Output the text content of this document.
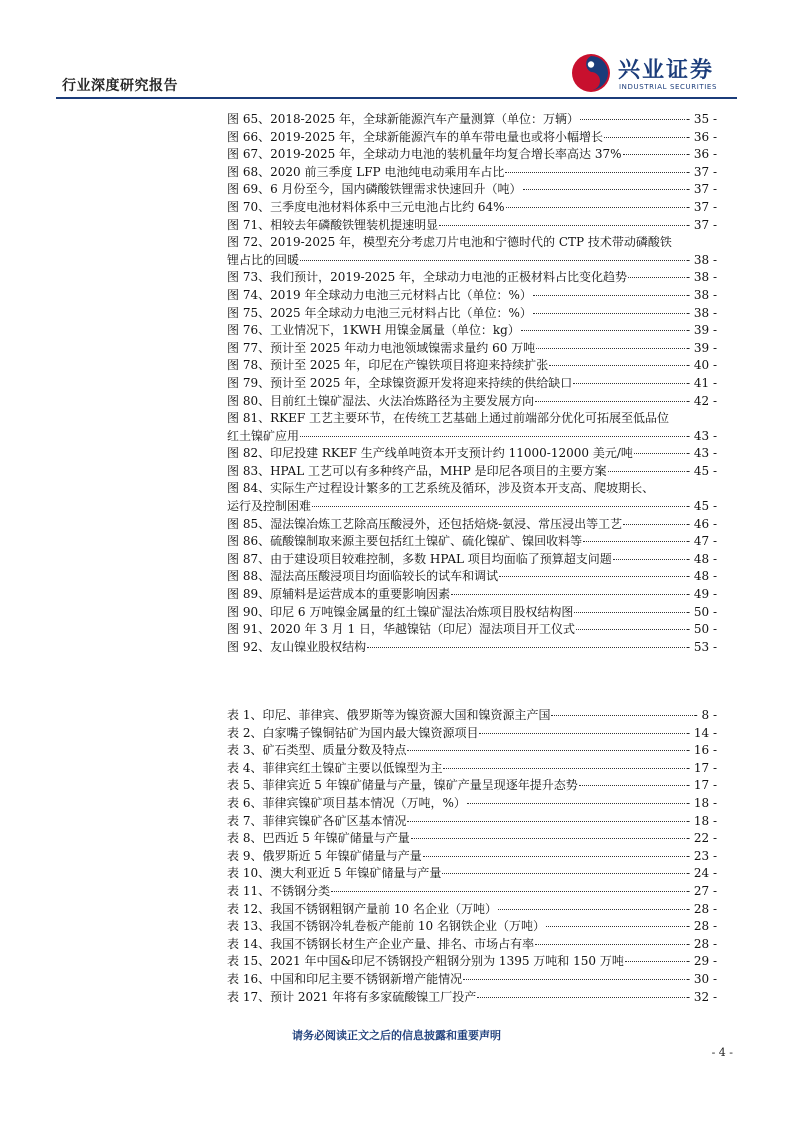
行业深度研究报告
兴业证券
INDUSTRIAL SECURITIES
图 65、2018-2025 年，全球新能源汽车产量测算（单位：万辆）	- 35 -
图 66、2019-2025 年，全球新能源汽车的单车带电量也或将小幅增长	- 36 -
图 67、2019-2025 年，全球动力电池的装机量年均复合增长率高达 37%	- 36 -
图 68、2020 前三季度 LFP 电池纯电动乘用车占比	- 37 -
图 69、6 月份至今，国内磷酸铁锂需求快速回升（吨）	- 37 -
图 70、三季度电池材料体系中三元电池占比约 64%	- 37 -
图 71、相较去年磷酸铁锂装机提速明显	- 37 -
图 72、2019-2025 年，模型充分考虑刀片电池和宁德时代的 CTP 技术带动磷酸铁
锂占比的回暖	- 38 -
图 73、我们预计，2019-2025 年，全球动力电池的正极材料占比变化趋势	- 38 -
图 74、2019 年全球动力电池三元材料占比（单位：%）	- 38 -
图 75、2025 年全球动力电池三元材料占比（单位：%）	- 38 -
图 76、工业情况下，1KWH 用镍金属量（单位：kg）	- 39 -
图 77、预计至 2025 年动力电池领域镍需求量约 60 万吨	- 39 -
图 78、预计至 2025 年，印尼在产镍铁项目将迎来持续扩张	- 40 -
图 79、预计至 2025 年，全球镍资源开发将迎来持续的供给缺口	- 41 -
图 80、目前红土镍矿湿法、火法冶炼路径为主要发展方向	- 42 -
图 81、RKEF 工艺主要环节，在传统工艺基础上通过前端部分优化可拓展至低品位
红土镍矿应用	- 43 -
图 82、印尼投建 RKEF 生产线单吨资本开支预计约 11000-12000 美元/吨	- 43 -
图 83、HPAL 工艺可以有多种终产品，MHP 是印尼各项目的主要方案	- 45 -
图 84、实际生产过程设计繁多的工艺系统及循环，涉及资本开支高、爬坡期长、
运行及控制困难	- 45 -
图 85、湿法镍冶炼工艺除高压酸浸外，还包括焙烧-氨浸、常压浸出等工艺	- 46 -
图 86、硫酸镍制取来源主要包括红土镍矿、硫化镍矿、镍回收料等	- 47 -
图 87、由于建设项目较难控制，多数 HPAL 项目均面临了预算超支问题	- 48 -
图 88、湿法高压酸浸项目均面临较长的试车和调试	- 48 -
图 89、原辅料是运营成本的重要影响因素	- 49 -
图 90、印尼 6 万吨镍金属量的红土镍矿湿法冶炼项目股权结构图	- 50 -
图 91、2020 年 3 月 1 日，华越镍钴（印尼）湿法项目开工仪式	- 50 -
图 92、友山镍业股权结构	- 53 -
表 1、印尼、菲律宾、俄罗斯等为镍资源大国和镍资源主产国	- 8 -
表 2、白家嘴子镍铜钴矿为国内最大镍资源项目	- 14 -
表 3、矿石类型、质量分数及特点	- 16 -
表 4、菲律宾红土镍矿主要以低镍型为主	- 17 -
表 5、菲律宾近 5 年镍矿储量与产量，镍矿产量呈现逐年提升态势	- 17 -
表 6、菲律宾镍矿项目基本情况（万吨，%）	- 18 -
表 7、菲律宾镍矿各矿区基本情况	- 18 -
表 8、巴西近 5 年镍矿储量与产量	- 22 -
表 9、俄罗斯近 5 年镍矿储量与产量	- 23 -
表 10、澳大利亚近 5 年镍矿储量与产量	- 24 -
表 11、不锈钢分类	- 27 -
表 12、我国不锈钢粗钢产量前 10 名企业（万吨）	- 28 -
表 13、我国不锈钢冷轧卷板产能前 10 名钢铁企业（万吨）	- 28 -
表 14、我国不锈钢长材生产企业产量、排名、市场占有率	- 28 -
表 15、2021 年中国&印尼不锈钢投产粗钢分别为 1395 万吨和 150 万吨	- 29 -
表 16、中国和印尼主要不锈钢新增产能情况	- 30 -
表 17、预计 2021 年将有多家硫酸镍工厂投产	- 32 -
请务必阅读正文之后的信息披露和重要声明
- 4 -
